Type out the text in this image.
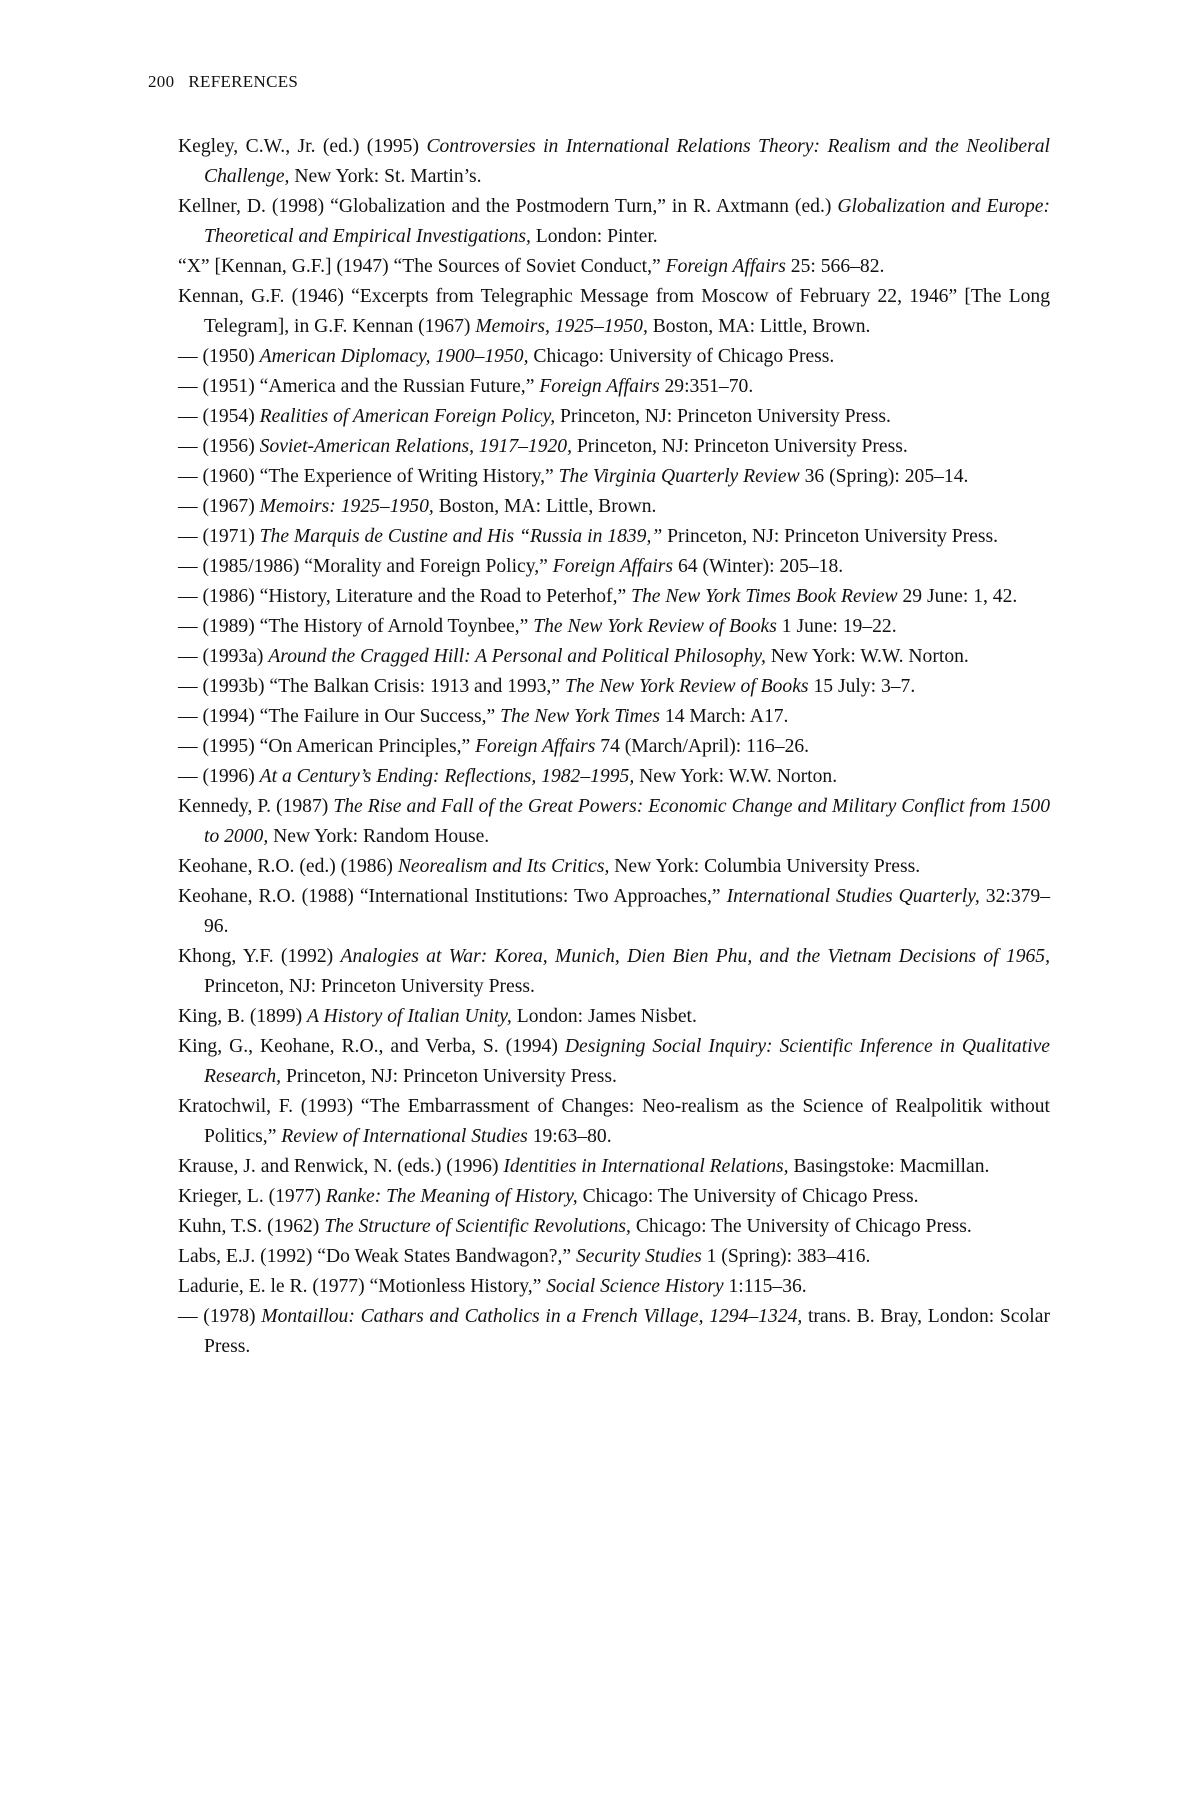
200 REFERENCES

Kegley, C.W., Jr. (ed.) (1995) Controversies in International Relations Theory: Realism and the Neoliberal Challenge, New York: St. Martin’s.

Kellner, D. (1998) “Globalization and the Postmodern Turn,” in R. Axtmann (ed.) Globalization and Europe: Theoretical and Empirical Investigations, London: Pinter.

“X” [Kennan, G.F.] (1947) “The Sources of Soviet Conduct,” Foreign Affairs 25: 566–82.

Kennan, G.F. (1946) “Excerpts from Telegraphic Message from Moscow of February 22, 1946” [The Long Telegram], in G.F. Kennan (1967) Memoirs, 1925–1950, Boston, MA: Little, Brown.

— (1950) American Diplomacy, 1900–1950, Chicago: University of Chicago Press.

— (1951) “America and the Russian Future,” Foreign Affairs 29:351–70.

— (1954) Realities of American Foreign Policy, Princeton, NJ: Princeton University Press.

— (1956) Soviet-American Relations, 1917–1920, Princeton, NJ: Princeton University Press.

— (1960) “The Experience of Writing History,” The Virginia Quarterly Review 36 (Spring): 205–14.

— (1967) Memoirs: 1925–1950, Boston, MA: Little, Brown.

— (1971) The Marquis de Custine and His “Russia in 1839,” Princeton, NJ: Princeton University Press.

— (1985/1986) “Morality and Foreign Policy,” Foreign Affairs 64 (Winter): 205–18.

— (1986) “History, Literature and the Road to Peterhof,” The New York Times Book Review 29 June: 1, 42.

— (1989) “The History of Arnold Toynbee,” The New York Review of Books 1 June: 19–22.

— (1993a) Around the Cragged Hill: A Personal and Political Philosophy, New York: W.W. Norton.

— (1993b) “The Balkan Crisis: 1913 and 1993,” The New York Review of Books 15 July: 3–7.

— (1994) “The Failure in Our Success,” The New York Times 14 March: A17.

— (1995) “On American Principles,” Foreign Affairs 74 (March/April): 116–26.

— (1996) At a Century’s Ending: Reflections, 1982–1995, New York: W.W. Norton.

Kennedy, P. (1987) The Rise and Fall of the Great Powers: Economic Change and Military Conflict from 1500 to 2000, New York: Random House.

Keohane, R.O. (ed.) (1986) Neorealism and Its Critics, New York: Columbia University Press.

Keohane, R.O. (1988) “International Institutions: Two Approaches,” International Studies Quarterly, 32:379–96.

Khong, Y.F. (1992) Analogies at War: Korea, Munich, Dien Bien Phu, and the Vietnam Decisions of 1965, Princeton, NJ: Princeton University Press.

King, B. (1899) A History of Italian Unity, London: James Nisbet.

King, G., Keohane, R.O., and Verba, S. (1994) Designing Social Inquiry: Scientific Inference in Qualitative Research, Princeton, NJ: Princeton University Press.

Kratochwil, F. (1993) “The Embarrassment of Changes: Neo-realism as the Science of Realpolitik without Politics,” Review of International Studies 19:63–80.

Krause, J. and Renwick, N. (eds.) (1996) Identities in International Relations, Basingstoke: Macmillan.

Krieger, L. (1977) Ranke: The Meaning of History, Chicago: The University of Chicago Press.

Kuhn, T.S. (1962) The Structure of Scientific Revolutions, Chicago: The University of Chicago Press.

Labs, E.J. (1992) “Do Weak States Bandwagon?,” Security Studies 1 (Spring): 383–416.

Ladurie, E. le R. (1977) “Motionless History,” Social Science History 1:115–36.

— (1978) Montaillou: Cathars and Catholics in a French Village, 1294–1324, trans. B. Bray, London: Scolar Press.
